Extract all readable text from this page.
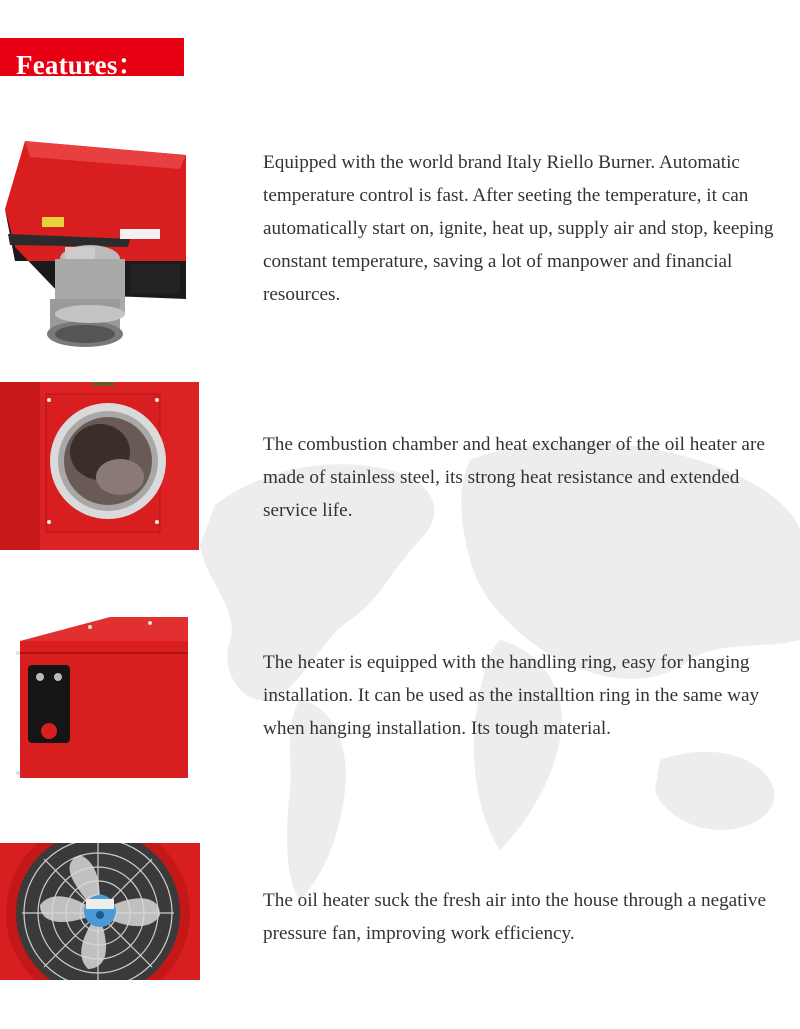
Features：

Equipped with the world brand Italy Riello Burner. Automatic temperature control is fast. After seeting the temperature, it can automatically start on, ignite, heat up, supply air and stop, keeping constant temperature, saving a lot of manpower and financial resources.

The combustion chamber and heat exchanger of the oil heater are made of stainless steel, its strong heat resistance and extended service life.

The heater is equipped with the handling ring, easy for hanging installation. It can be used as the installtion ring in the same way when hanging installation. Its tough material.

The oil heater suck the fresh air into the house through a negative pressure fan, improving work efficiency.
